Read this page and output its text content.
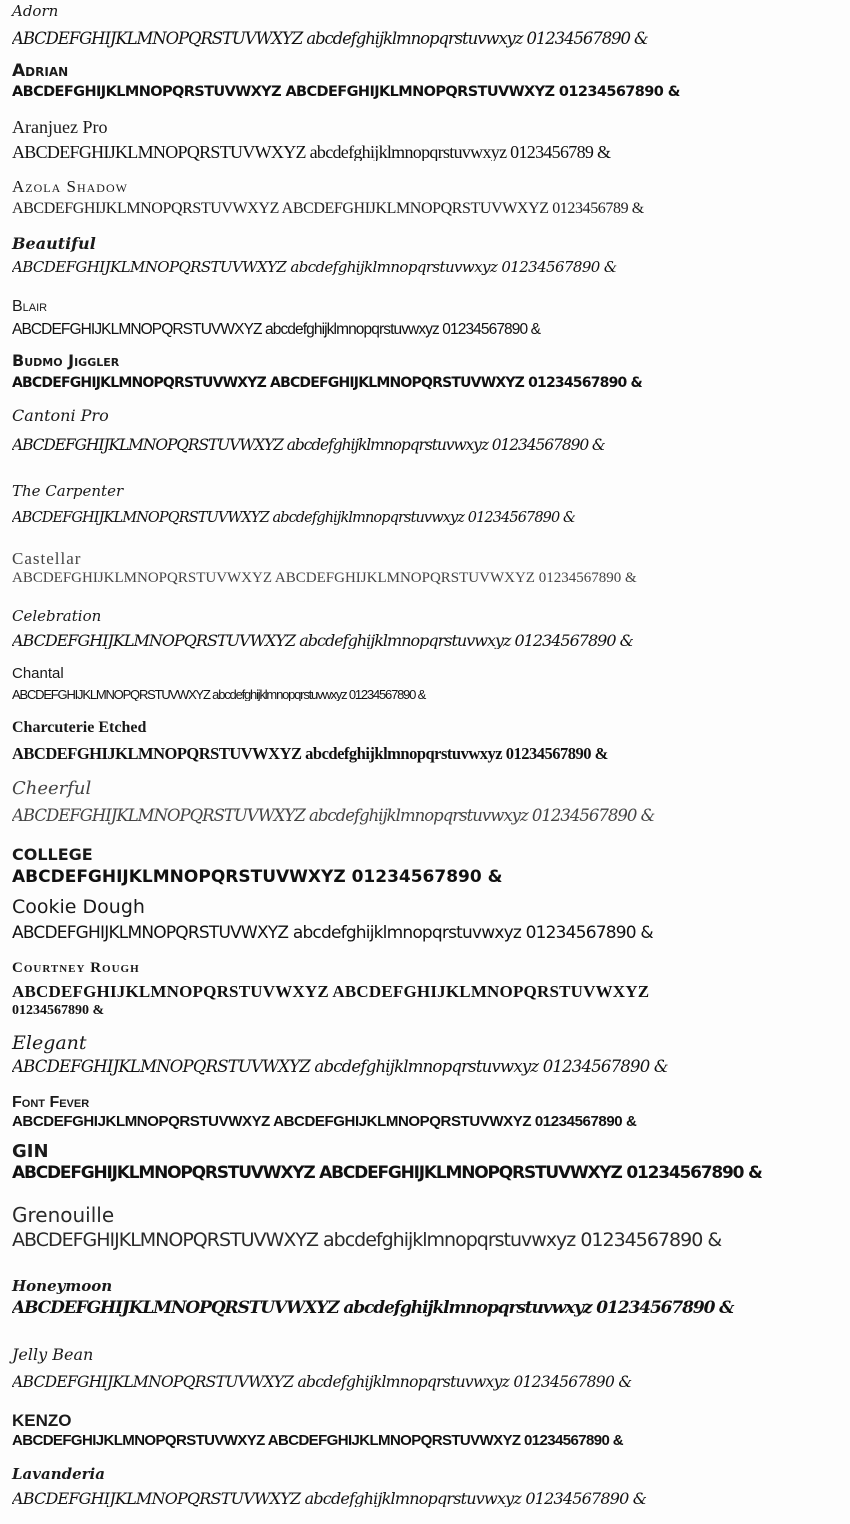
Adorn
ABCDEFGHIJKLMNOPQRSTUVWXYZ abcdefghijklmnopqrstuvwxyz 01234567890 &
Adrian
ABCDEFGHIJKLMNOPQRSTUVWXYZ ABCDEFGHIJKLMNOPQRSTUVWXYZ 01234567890 &
Aranjuez Pro
ABCDEFGHIJKLMNOPQRSTUVWXYZ abcdefghijklmnopqrstuvwxyz 0123456789 &
Azola Shadow
ABCDEFGHIJKLMNOPQRSTUVWXYZ ABCDEFGHIJKLMNOPQRSTUVWXYZ 0123456789 &
Beautiful
ABCDEFGHIJKLMNOPQRSTUVWXYZ abcdefghijklmnopqrstuvwxyz 01234567890 &
Blair
ABCDEFGHIJKLMNOPQRSTUVWXYZ abcdefghijklmnopqrstuvwxyz 01234567890 &
Budmo Jiggler
ABCDEFGHIJKLMNOPQRSTUVWXYZ ABCDEFGHIJKLMNOPQRSTUVWXYZ 01234567890 &
Cantoni Pro
ABCDEFGHIJKLMNOPQRSTUVWXYZ abcdefghijklmnopqrstuvwxyz 01234567890 &
The Carpenter
ABCDEFGHIJKLMNOPQRSTUVWXYZ abcdefghijklmnopqrstuvwxyz 01234567890 &
Castellar
ABCDEFGHIJKLMNOPQRSTUVWXYZ ABCDEFGHIJKLMNOPQRSTUVWXYZ 01234567890 &
Celebration
ABCDEFGHIJKLMNOPQRSTUVWXYZ abcdefghijklmnopqrstuvwxyz 01234567890 &
Chantal
ABCDEFGHIJKLMNOPQRSTUVWXYZ abcdefghijklmnopqrstuvwxyz 01234567890 &
Charcuterie Etched
ABCDEFGHIJKLMNOPQRSTUVWXYZ abcdefghijklmnopqrstuvwxyz 01234567890 &
Cheerful
ABCDEFGHIJKLMNOPQRSTUVWXYZ abcdefghijklmnopqrstuvwxyz 01234567890 &
COLLEGE
ABCDEFGHIJKLMNOPQRSTUVWXYZ 01234567890 &
Cookie Dough
ABCDEFGHIJKLMNOPQRSTUVWXYZ abcdefghijklmnopqrstuvwxyz 01234567890 &
Courtney Rough
ABCDEFGHIJKLMNOPQRSTUVWXYZ ABCDEFGHIJKLMNOPQRSTUVWXYZ
01234567890 &
Elegant
ABCDEFGHIJKLMNOPQRSTUVWXYZ abcdefghijklmnopqrstuvwxyz 01234567890 &
Font Fever
ABCDEFGHIJKLMNOPQRSTUVWXYZ ABCDEFGHIJKLMNOPQRSTUVWXYZ 01234567890 &
GIN
ABCDEFGHIJKLMNOPQRSTUVWXYZ ABCDEFGHIJKLMNOPQRSTUVWXYZ 01234567890 &
Grenouille
ABCDEFGHIJKLMNOPQRSTUVWXYZ abcdefghijklmnopqrstuvwxyz 01234567890 &
Honeymoon
ABCDEFGHIJKLMNOPQRSTUVWXYZ abcdefghijklmnopqrstuvwxyz 01234567890 &
Jelly Bean
ABCDEFGHIJKLMNOPQRSTUVWXYZ abcdefghijklmnopqrstuvwxyz 01234567890 &
KENZO
ABCDEFGHIJKLMNOPQRSTUVWXYZ ABCDEFGHIJKLMNOPQRSTUVWXYZ 01234567890 &
Lavanderia
ABCDEFGHIJKLMNOPQRSTUVWXYZ abcdefghijklmnopqrstuvwxyz 01234567890 &
